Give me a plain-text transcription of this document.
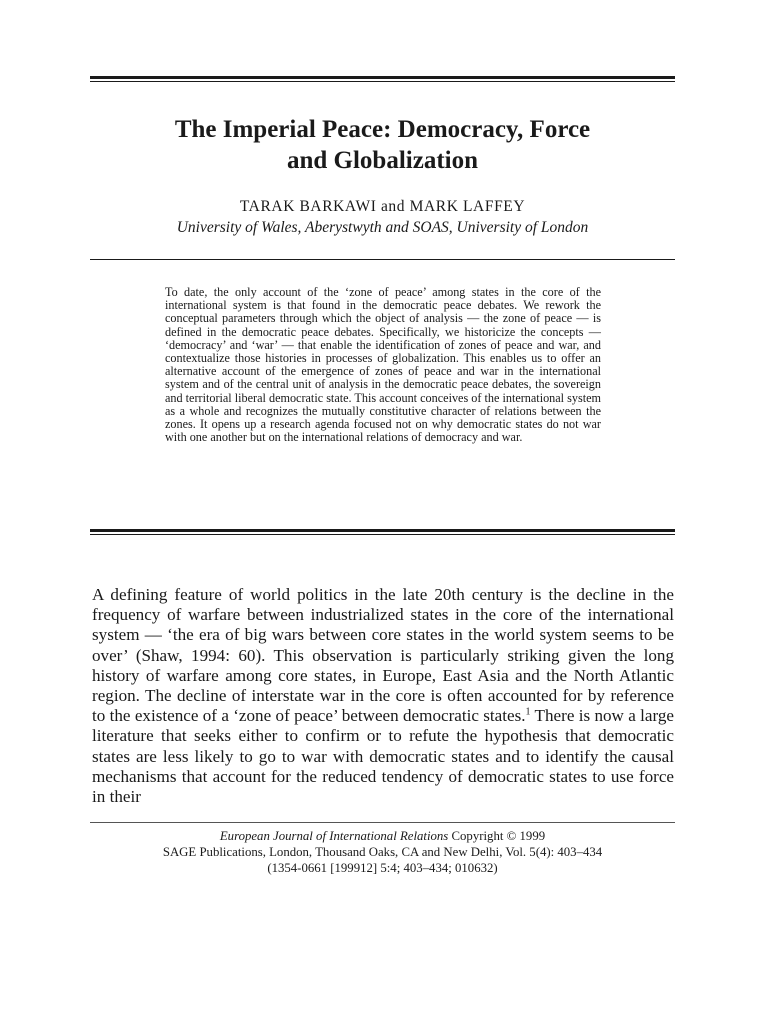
The Imperial Peace: Democracy, Force
and Globalization
TARAK BARKAWI and MARK LAFFEY
University of Wales, Aberystwyth and SOAS, University of London

To date, the only account of the ‘zone of peace’ among states in the core of the international system is that found in the democratic peace debates. We rework the conceptual parameters through which the object of analysis — the zone of peace — is defined in the democratic peace debates. Specifically, we historicize the concepts — ‘democracy’ and ‘war’ — that enable the identification of zones of peace and war, and contextualize those histories in processes of globalization. This enables us to offer an alternative account of the emergence of zones of peace and war in the international system and of the central unit of analysis in the democratic peace debates, the sovereign and territorial liberal democratic state. This account conceives of the international system as a whole and recognizes the mutually constitutive character of relations between the zones. It opens up a research agenda focused not on why democratic states do not war with one another but on the international relations of democracy and war.

A defining feature of world politics in the late 20th century is the decline in the frequency of warfare between industrialized states in the core of the international system — ‘the era of big wars between core states in the world system seems to be over’ (Shaw, 1994: 60). This observation is particularly striking given the long history of warfare among core states, in Europe, East Asia and the North Atlantic region. The decline of interstate war in the core is often accounted for by reference to the existence of a ‘zone of peace’ between democratic states.$^1$ There is now a large literature that seeks either to confirm or to refute the hypothesis that democratic states are less likely to go to war with democratic states and to identify the causal mechanisms that account for the reduced tendency of democratic states to use force in their

European Journal of International Relations Copyright © 1999
SAGE Publications, London, Thousand Oaks, CA and New Delhi, Vol. 5(4): 403–434
(1354-0661 [199912] 5:4; 403–434; 010632)
